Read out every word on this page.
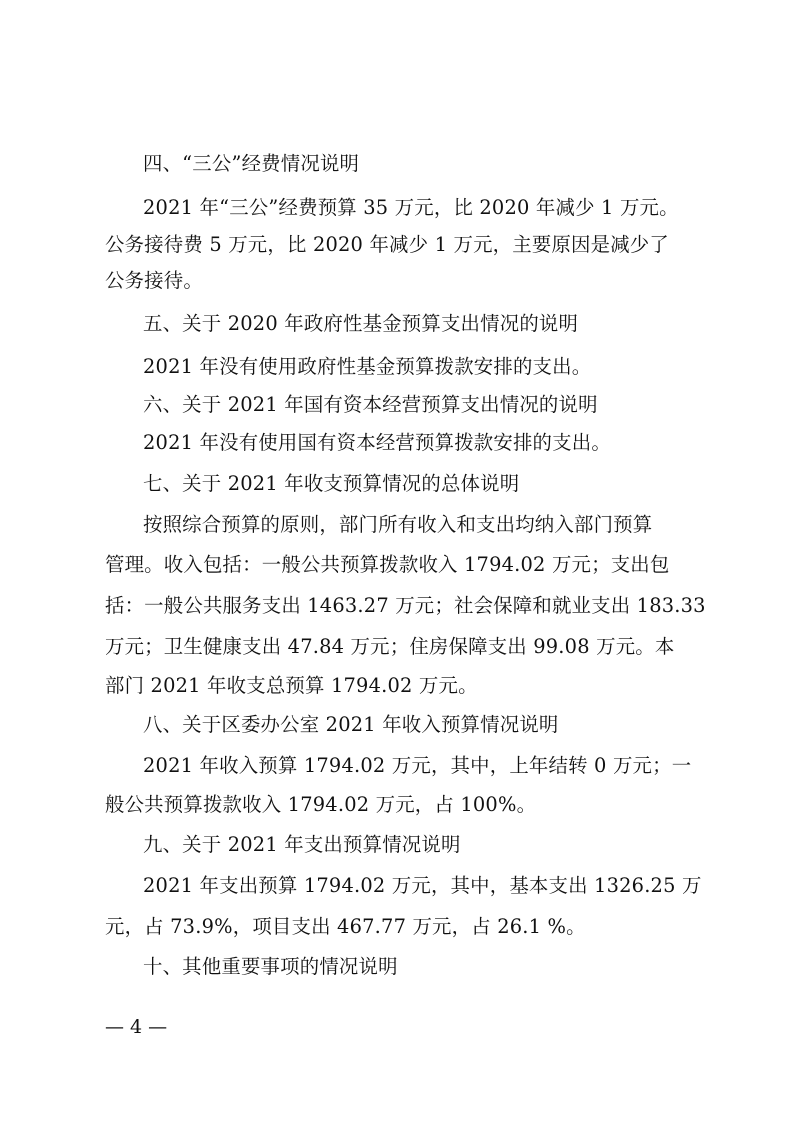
四、“三公”经费情况说明
2021 年“三公”经费预算 35 万元，比 2020 年减少 1 万元。
公务接待费 5 万元，比 2020 年减少 1 万元，主要原因是减少了
公务接待。
五、关于 2020 年政府性基金预算支出情况的说明
2021 年没有使用政府性基金预算拨款安排的支出。
六、关于 2021 年国有资本经营预算支出情况的说明
2021 年没有使用国有资本经营预算拨款安排的支出。
七、关于 2021 年收支预算情况的总体说明
按照综合预算的原则，部门所有收入和支出均纳入部门预算
管理。收入包括：一般公共预算拨款收入 1794.02 万元；支出包
括：一般公共服务支出 1463.27 万元；社会保障和就业支出 183.33
万元；卫生健康支出 47.84 万元；住房保障支出 99.08 万元。本
部门 2021 年收支总预算 1794.02 万元。
八、关于区委办公室 2021 年收入预算情况说明
2021 年收入预算 1794.02 万元，其中，上年结转 0 万元；一
般公共预算拨款收入 1794.02 万元，占 100%。
九、关于 2021 年支出预算情况说明
2021 年支出预算 1794.02 万元，其中，基本支出 1326.25 万
元，占 73.9%，项目支出 467.77 万元，占 26.1 %。
十、其他重要事项的情况说明
— 4 —
